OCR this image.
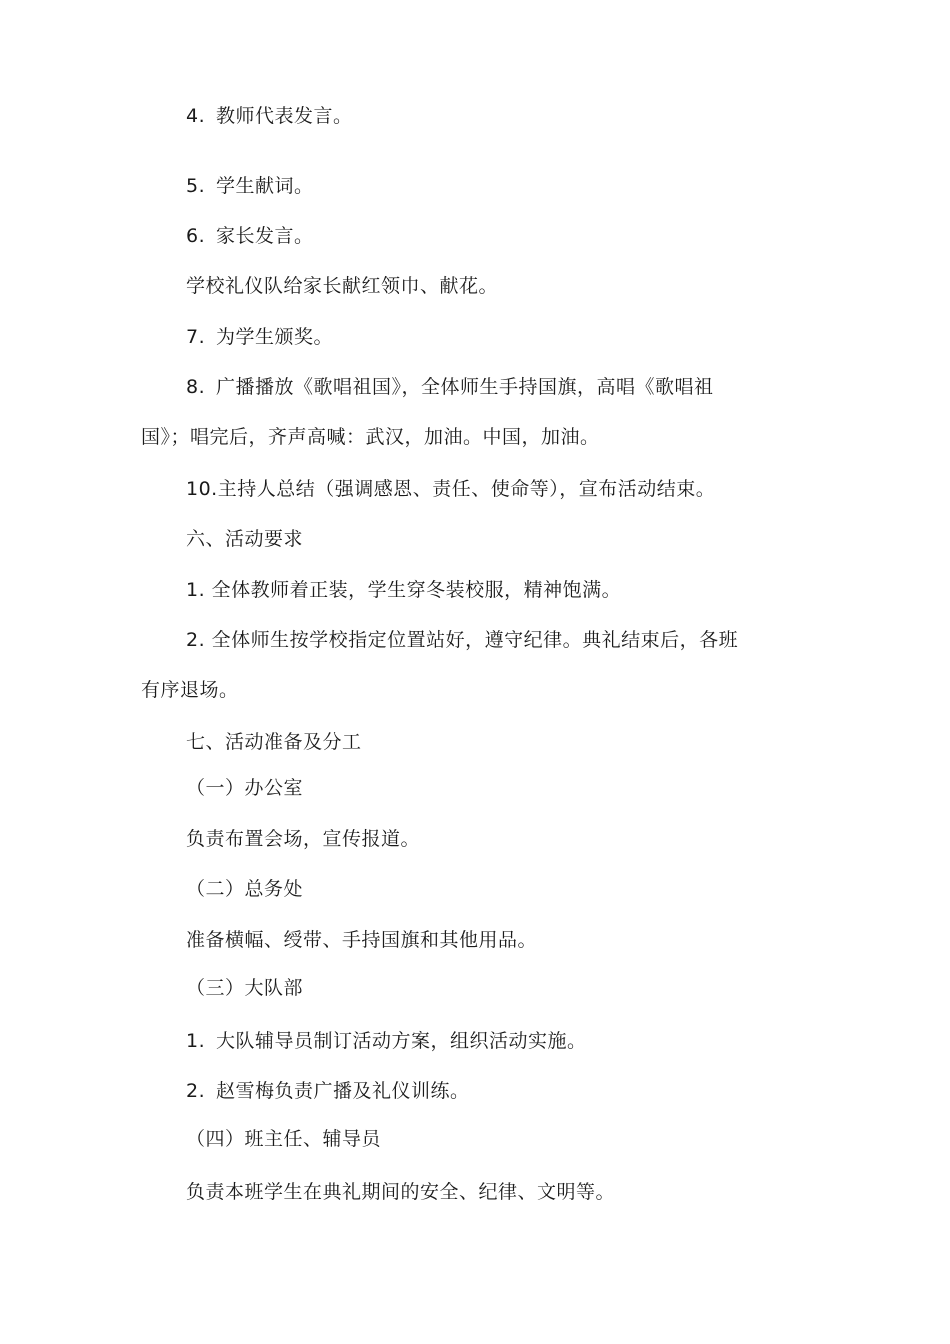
4. 教师代表发言。
5. 学生献词。
6. 家长发言。
学校礼仪队给家长献红领巾、献花。
7. 为学生颁奖。
8. 广播播放《歌唱祖国》，全体师生手持国旗，高唱《歌唱祖
国》；唱完后，齐声高喊：武汉，加油。中国，加油。
10.主持人总结（强调感恩、责任、使命等），宣布活动结束。
六、活动要求
1. 全体教师着正装，学生穿冬装校服，精神饱满。
2. 全体师生按学校指定位置站好，遵守纪律。典礼结束后，各班
有序退场。
七、活动准备及分工
（一）办公室
负责布置会场，宣传报道。
（二）总务处
准备横幅、绶带、手持国旗和其他用品。
（三）大队部
1. 大队辅导员制订活动方案，组织活动实施。
2. 赵雪梅负责广播及礼仪训练。
（四）班主任、辅导员
负责本班学生在典礼期间的安全、纪律、文明等。
